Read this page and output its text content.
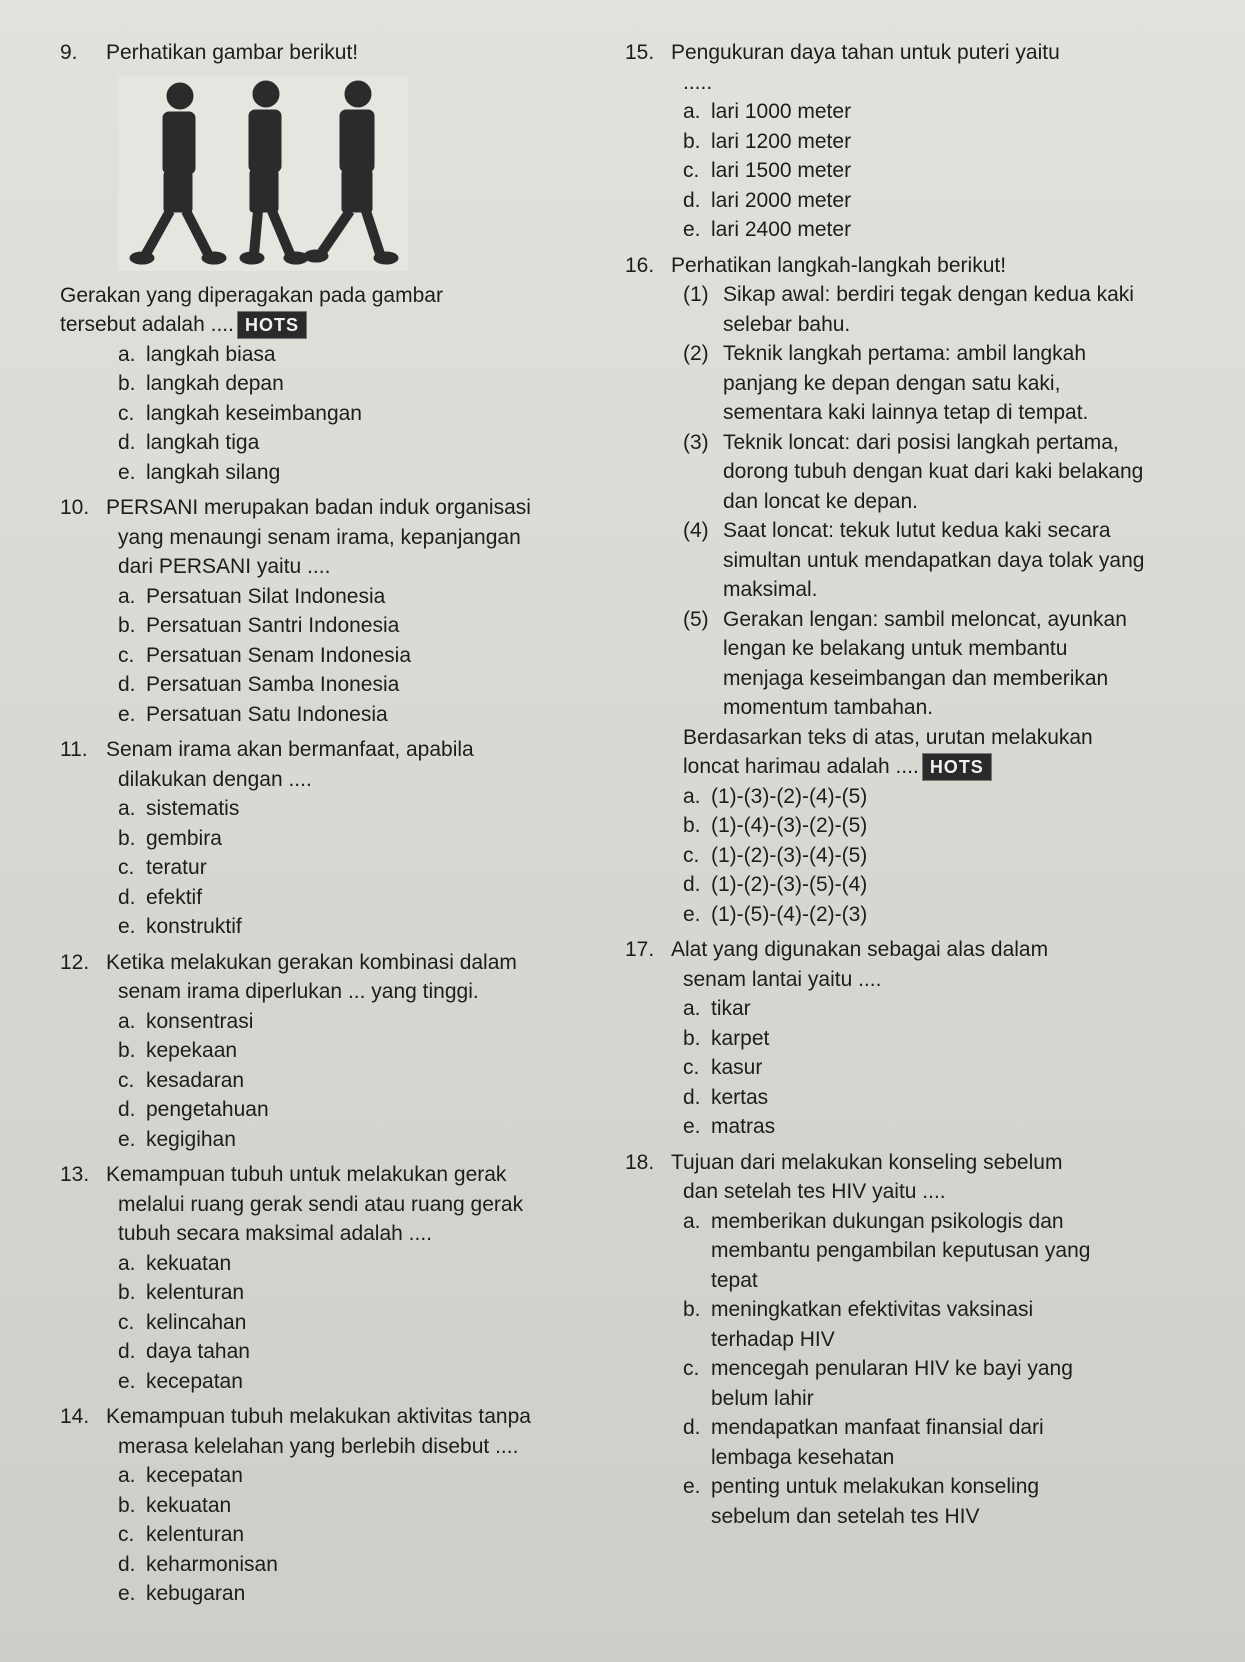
9. Perhatikan gambar berikut!
Gerakan yang diperagakan pada gambar
tersebut adalah .... HOTS
a. langkah biasa
b. langkah depan
c. langkah keseimbangan
d. langkah tiga
e. langkah silang
10. PERSANI merupakan badan induk organisasi
yang menaungi senam irama, kepanjangan
dari PERSANI yaitu ....
a. Persatuan Silat Indonesia
b. Persatuan Santri Indonesia
c. Persatuan Senam Indonesia
d. Persatuan Samba Inonesia
e. Persatuan Satu Indonesia
11. Senam irama akan bermanfaat, apabila
dilakukan dengan ....
a. sistematis
b. gembira
c. teratur
d. efektif
e. konstruktif
12. Ketika melakukan gerakan kombinasi dalam
senam irama diperlukan ... yang tinggi.
a. konsentrasi
b. kepekaan
c. kesadaran
d. pengetahuan
e. kegigihan
13. Kemampuan tubuh untuk melakukan gerak
melalui ruang gerak sendi atau ruang gerak
tubuh secara maksimal adalah ....
a. kekuatan
b. kelenturan
c. kelincahan
d. daya tahan
e. kecepatan
14. Kemampuan tubuh melakukan aktivitas tanpa
merasa kelelahan yang berlebih disebut ....
a. kecepatan
b. kekuatan
c. kelenturan
d. keharmonisan
e. kebugaran
15. Pengukuran daya tahan untuk puteri yaitu
.....
a. lari 1000 meter
b. lari 1200 meter
c. lari 1500 meter
d. lari 2000 meter
e. lari 2400 meter
16. Perhatikan langkah-langkah berikut!
(1) Sikap awal: berdiri tegak dengan kedua kaki selebar bahu.
(2) Teknik langkah pertama: ambil langkah panjang ke depan dengan satu kaki, sementara kaki lainnya tetap di tempat.
(3) Teknik loncat: dari posisi langkah pertama, dorong tubuh dengan kuat dari kaki belakang dan loncat ke depan.
(4) Saat loncat: tekuk lutut kedua kaki secara simultan untuk mendapatkan daya tolak yang maksimal.
(5) Gerakan lengan: sambil meloncat, ayunkan lengan ke belakang untuk membantu menjaga keseimbangan dan memberikan momentum tambahan.
Berdasarkan teks di atas, urutan melakukan
loncat harimau adalah .... HOTS
a. (1)-(3)-(2)-(4)-(5)
b. (1)-(4)-(3)-(2)-(5)
c. (1)-(2)-(3)-(4)-(5)
d. (1)-(2)-(3)-(5)-(4)
e. (1)-(5)-(4)-(2)-(3)
17. Alat yang digunakan sebagai alas dalam
senam lantai yaitu ....
a. tikar
b. karpet
c. kasur
d. kertas
e. matras
18. Tujuan dari melakukan konseling sebelum
dan setelah tes HIV yaitu ....
a. memberikan dukungan psikologis dan
membantu pengambilan keputusan yang
tepat
b. meningkatkan efektivitas vaksinasi
terhadap HIV
c. mencegah penularan HIV ke bayi yang
belum lahir
d. mendapatkan manfaat finansial dari
lembaga kesehatan
e. penting untuk melakukan konseling
sebelum dan setelah tes HIV
